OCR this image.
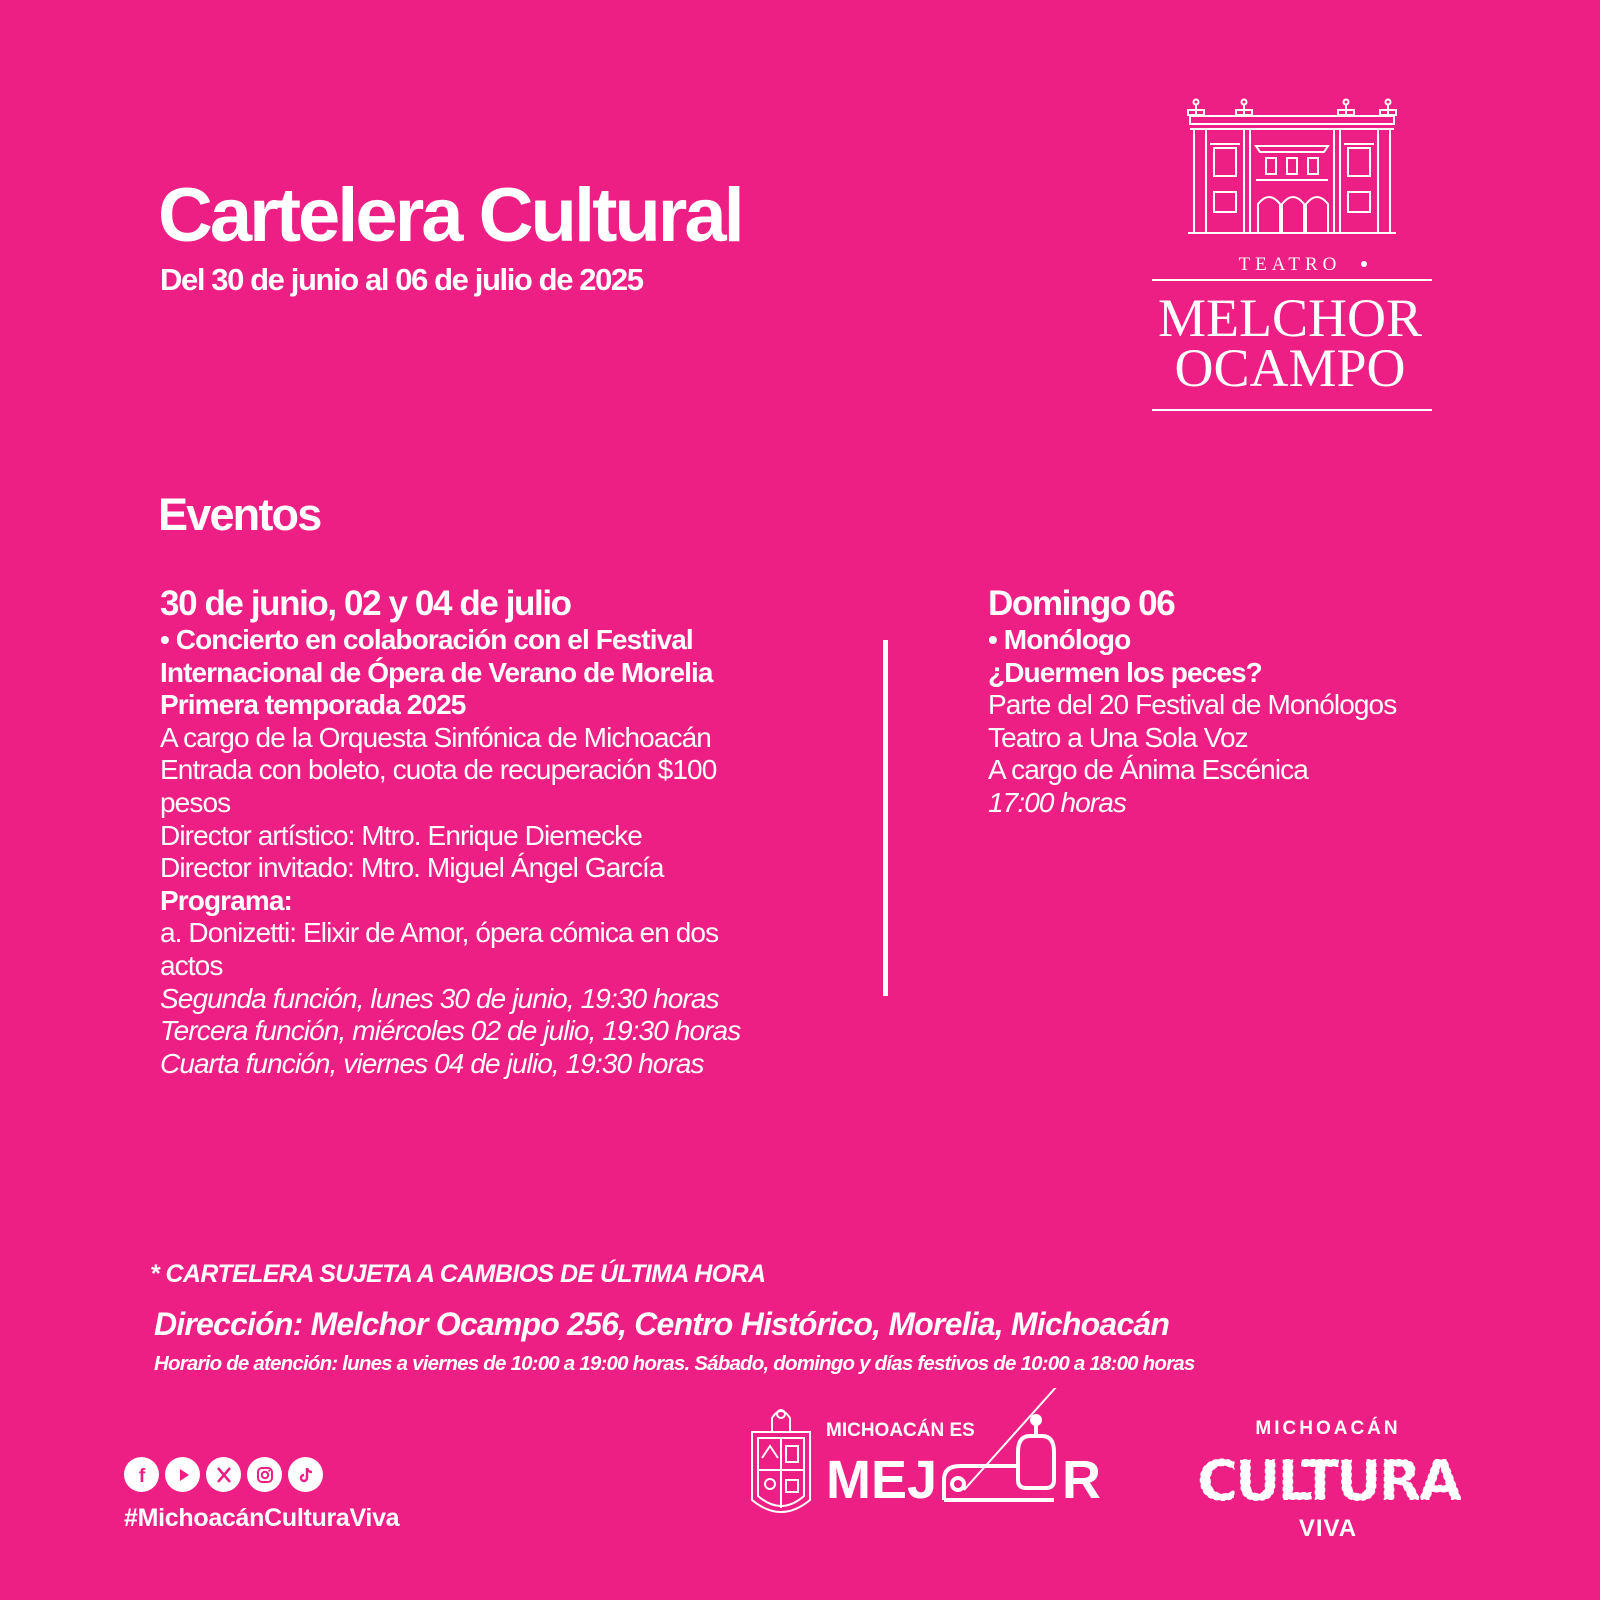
Cartelera Cultural
Del 30 de junio al 06 de julio de 2025	TEATRO
MELCHOR
OCAMPO
Eventos
30 de junio, 02 y 04 de julio
• Concierto en colaboración con el Festival
Internacional de Ópera de Verano de Morelia
Primera temporada 2025
A cargo de la Orquesta Sinfónica de Michoacán
Entrada con boleto, cuota de recuperación $100
pesos
Director artístico: Mtro. Enrique Diemecke
Director invitado: Mtro. Miguel Ángel García
Programa:
a. Donizetti: Elixir de Amor, ópera cómica en dos
actos
Segunda función, lunes 30 de junio, 19:30 horas
Tercera función, miércoles 02 de julio, 19:30 horas
Cuarta función, viernes 04 de julio, 19:30 horas
Domingo 06
• Monólogo
¿Duermen los peces?
Parte del 20 Festival de Monólogos
Teatro a Una Sola Voz
A cargo de Ánima Escénica
17:00 horas
* CARTELERA SUJETA A CAMBIOS DE ÚLTIMA HORA
Dirección: Melchor Ocampo 256, Centro Histórico, Morelia, Michoacán
Horario de atención: lunes a viernes de 10:00 a 19:00 horas. Sábado, domingo y días festivos de 10:00 a 18:00 horas
f
#MichoacánCulturaViva
MICHOACÁN ES
MEJ R
MICHOACÁN
CULTURA
VIVA
